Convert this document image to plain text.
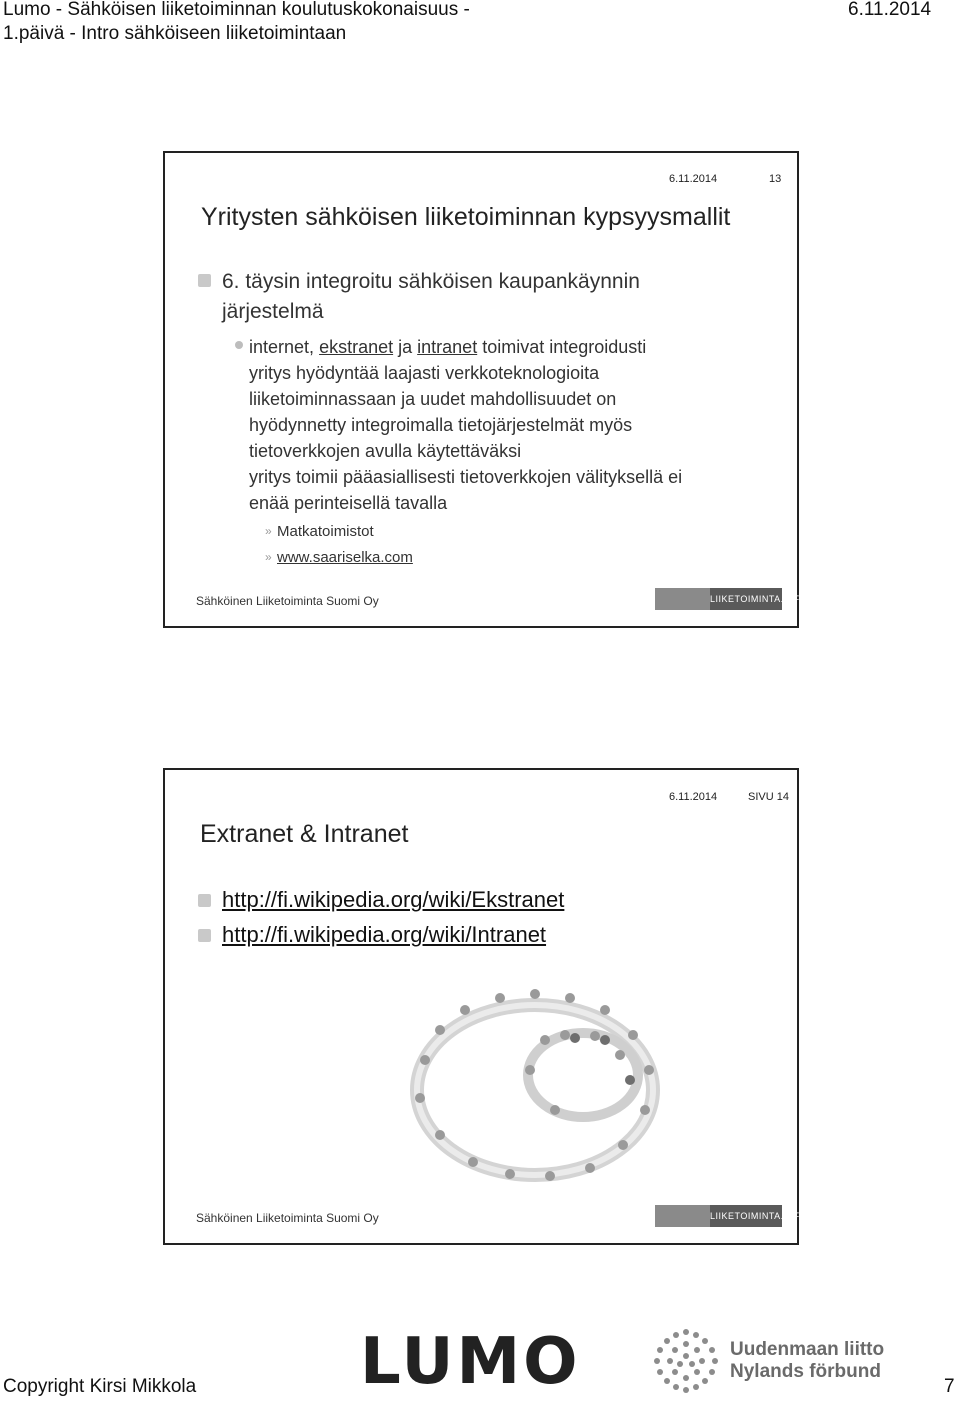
Lumo - Sähköisen liiketoiminnan koulutuskokonaisuus -
1.päivä - Intro sähköiseen liiketoimintaan
6.11.2014
6.11.2014	13
Yritysten sähköisen liiketoiminnan kypsyysmallit
6. täysin integroitu sähköisen kaupankäynnin
järjestelmä
internet, ekstranet ja intranet toimivat integroidusti
yritys hyödyntää laajasti verkkoteknologioita
liiketoiminnassaan ja uudet mahdollisuudet on
hyödynnetty integroimalla tietojärjestelmät myös
tietoverkkojen avulla käytettäväksi
yritys toimii pääasiallisesti tietoverkkojen välityksellä ei
enää perinteisellä tavalla
» Matkatoimistot
» www.saariselka.com
Sähköinen Liiketoiminta Suomi Oy	LIIKETOIMINTA.INFO
6.11.2014	SIVU 14
Extranet & Intranet
http://fi.wikipedia.org/wiki/Ekstranet
http://fi.wikipedia.org/wiki/Intranet
Sähköinen Liiketoiminta Suomi Oy	LIIKETOIMINTA.INFO
Copyright Kirsi Mikkola	LUMO	Uudenmaan liitto
Nylands förbund
7
